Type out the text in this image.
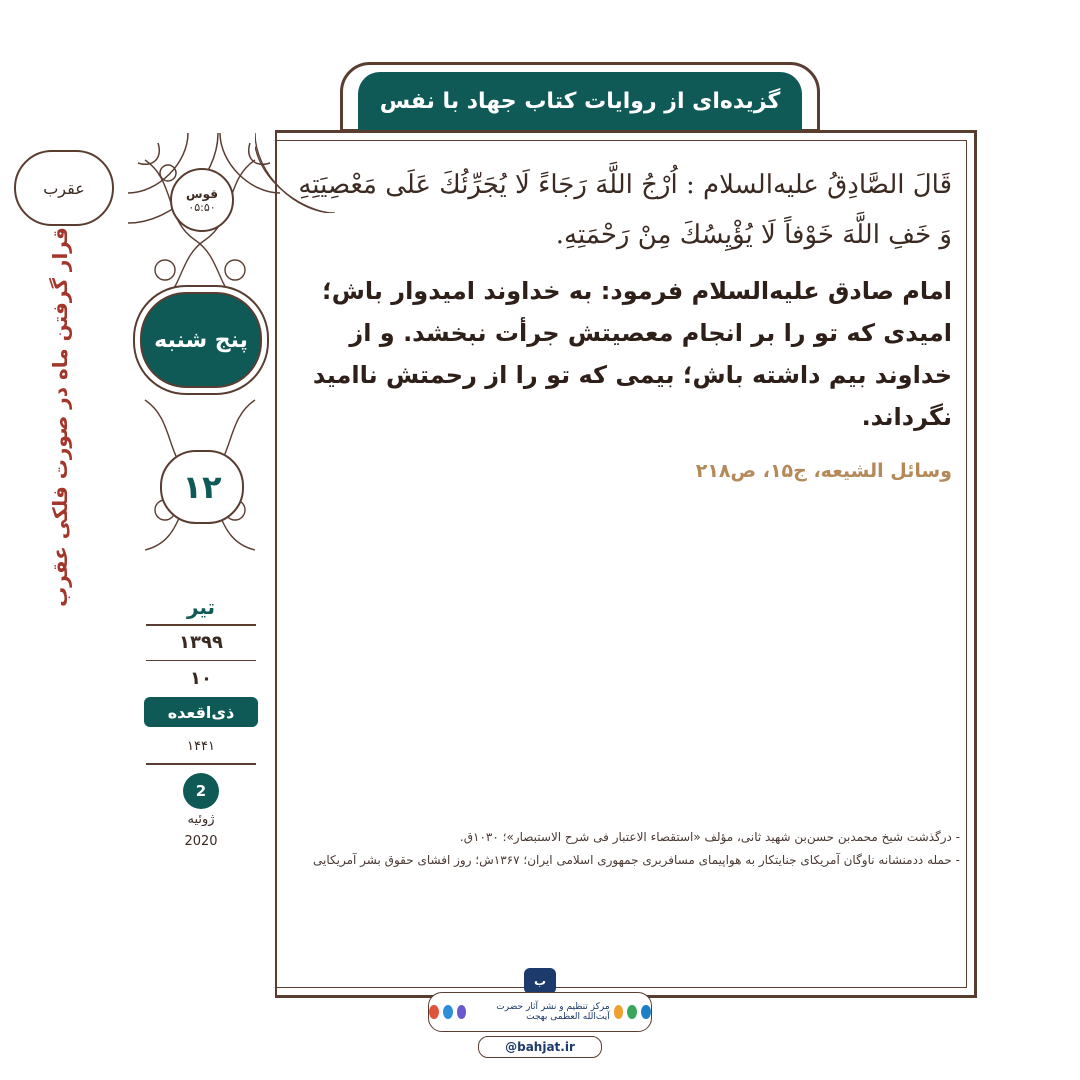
گزیده‌ای از روایات کتاب جهاد با نفس
قوس
۰۵:۵۰
عقرب
قرار گرفتن ماه در صورت فلکی عقرب	پنج شنبه
۱۲
تیر
۱۳۹۹
۱۰
ذی‌اقعده
۱۴۴۱
2
ژوئیه
2020
قَالَ الصَّادِقُ عليه‌السلام : اُرْجُ اللَّهَ رَجَاءً لَا يُجَرِّئُكَ عَلَى مَعْصِيَتِهِ وَ خَفِ اللَّهَ خَوْفاً لَا يُؤْيِسُكَ مِنْ رَحْمَتِهِ.
امام صادق عليه‌السلام فرمود: به خداوند امیدوار باش؛ امیدی که تو را بر انجام معصیتش جرأت نبخشد. و از خداوند بیم داشته باش؛ بیمی که تو را از رحمتش ناامید نگرداند.
وسائل الشیعه، ج۱۵، ص۲۱۸
- درگذشت شیخ محمدبن حسن‌بن شهید ثانی، مؤلف «استقصاء الاعتبار فی شرح الاستبصار»؛ ۱۰۳۰ق.
- حمله ددمنشانه ناوگان آمریکای جنایتکار به هواپیمای مسافربری جمهوری اسلامی ایران؛ ۱۳۶۷ش؛ روز افشای حقوق بشر آمریکایی
ب
مرکز تنظیم و نشر آثار حضرت آیت‌الله العظمی بهجت
@bahjat.ir
